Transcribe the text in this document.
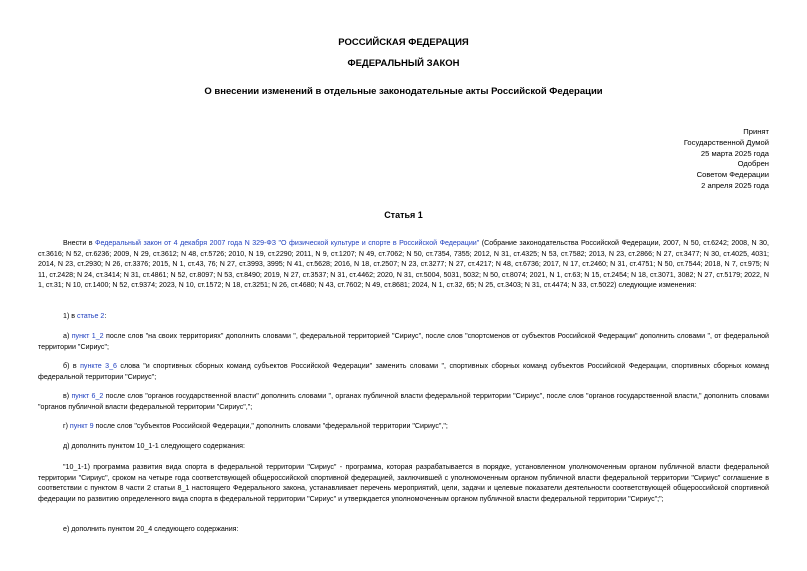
РОССИЙСКАЯ ФЕДЕРАЦИЯ
ФЕДЕРАЛЬНЫЙ ЗАКОН
О внесении изменений в отдельные законодательные акты Российской Федерации
Принят
Государственной Думой
25 марта 2025 года
Одобрен
Советом Федерации
2 апреля 2025 года
Статья 1
Внести в Федеральный закон от 4 декабря 2007 года N 329-ФЗ "О физической культуре и спорте в Российской Федерации" (Собрание законодательства Российской Федерации, 2007, N 50, ст.6242; 2008, N 30, ст.3616; N 52, ст.6236; 2009, N 29, ст.3612; N 48, ст.5726; 2010, N 19, ст.2290; 2011, N 9, ст.1207; N 49, ст.7062; N 50, ст.7354, 7355; 2012, N 31, ст.4325; N 53, ст.7582; 2013, N 23, ст.2866; N 27, ст.3477; N 30, ст.4025, 4031; 2014, N 23, ст.2930; N 26, ст.3376; 2015, N 1, ст.43, 76; N 27, ст.3993, 3995; N 41, ст.5628; 2016, N 18, ст.2507; N 23, ст.3277; N 27, ст.4217; N 48, ст.6736; 2017, N 17, ст.2460; N 31, ст.4751; N 50, ст.7544; 2018, N 7, ст.975; N 11, ст.2428; N 24, ст.3414; N 31, ст.4861; N 52, ст.8097; N 53, ст.8490; 2019, N 27, ст.3537; N 31, ст.4462; 2020, N 31, ст.5004, 5031, 5032; N 50, ст.8074; 2021, N 1, ст.63; N 15, ст.2454; N 18, ст.3071, 3082; N 27, ст.5179; 2022, N 1, ст.31; N 10, ст.1400; N 52, ст.9374; 2023, N 10, ст.1572; N 18, ст.3251; N 26, ст.4680; N 43, ст.7602; N 49, ст.8681; 2024, N 1, ст.32, 65; N 25, ст.3403; N 31, ст.4474; N 33, ст.5022) следующие изменения:
1) в статье 2:
а) пункт 1_2 после слов "на своих территориях" дополнить словами ", федеральной территорией "Сириус", после слов "спортсменов от субъектов Российской Федерации" дополнить словами ", от федеральной территории "Сириус";
б) в пункте 3_6 слова "и спортивных сборных команд субъектов Российской Федерации" заменить словами ", спортивных сборных команд субъектов Российской Федерации, спортивных сборных команд федеральной территории "Сириус";
в) пункт 6_2 после слов "органов государственной власти" дополнить словами ", органах публичной власти федеральной территории "Сириус", после слов "органов государственной власти," дополнить словами "органов публичной власти федеральной территории "Сириус",";
г) пункт 9 после слов "субъектов Российской Федерации," дополнить словами "федеральной территории "Сириус",";
д) дополнить пунктом 10_1-1 следующего содержания:
"10_1-1) программа развития вида спорта в федеральной территории "Сириус" - программа, которая разрабатывается в порядке, установленном уполномоченным органом публичной власти федеральной территории "Сириус", сроком на четыре года соответствующей общероссийской спортивной федерацией, заключившей с уполномоченным органом публичной власти федеральной территории "Сириус" соглашение в соответствии с пунктом 8 части 2 статьи 8_1 настоящего Федерального закона, устанавливает перечень мероприятий, цели, задачи и целевые показатели деятельности соответствующей общероссийской спортивной федерации по развитию определенного вида спорта в федеральной территории "Сириус" и утверждается уполномоченным органом публичной власти федеральной территории "Сириус";";
е) дополнить пунктом 20_4 следующего содержания:
